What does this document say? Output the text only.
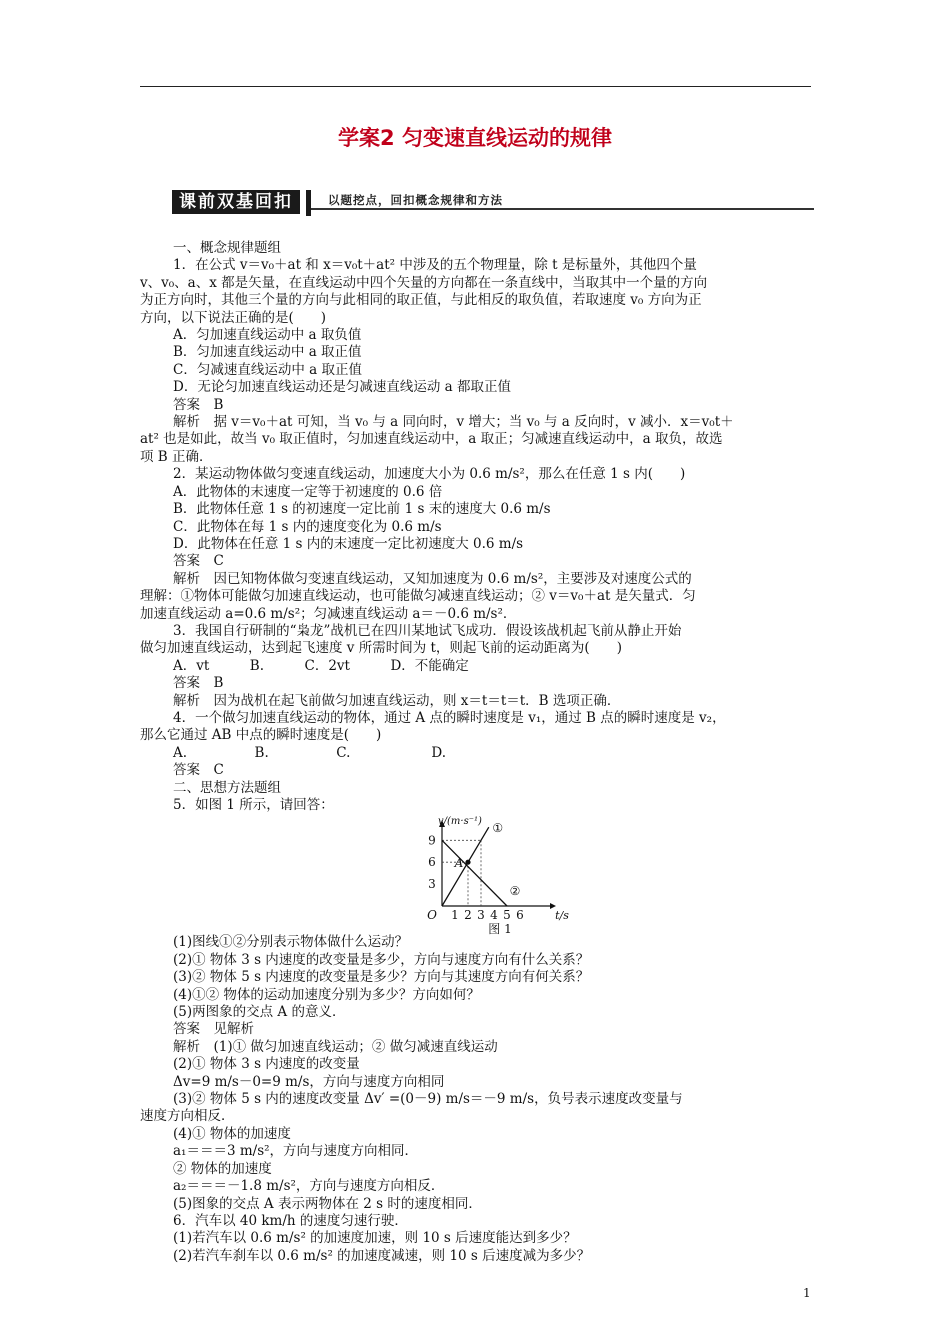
学案2 匀变速直线运动的规律
课前双基回扣	以题挖点，回扣概念规律和方法

一、概念规律题组

1．在公式 v＝v₀＋at 和 x＝v₀t＋at² 中涉及的五个物理量，除 t 是标量外，其他四个量

v、v₀、a、x 都是矢量，在直线运动中四个矢量的方向都在一条直线中，当取其中一个量的方向

为正方向时，其他三个量的方向与此相同的取正值，与此相反的取负值，若取速度 v₀ 方向为正

方向，以下说法正确的是(　　)

A．匀加速直线运动中 a 取负值

B．匀加速直线运动中 a 取正值

C．匀减速直线运动中 a 取正值

D．无论匀加速直线运动还是匀减速直线运动 a 都取正值

答案　B

解析　据 v＝v₀＋at 可知，当 v₀ 与 a 同向时，v 增大；当 v₀ 与 a 反向时，v 减小．x＝v₀t＋

at² 也是如此，故当 v₀ 取正值时，匀加速直线运动中，a 取正；匀减速直线运动中，a 取负，故选

项 B 正确．

2．某运动物体做匀变速直线运动，加速度大小为 0.6 m/s²，那么在任意 1 s 内(　　)

A．此物体的末速度一定等于初速度的 0.6 倍

B．此物体任意 1 s 的初速度一定比前 1 s 末的速度大 0.6 m/s

C．此物体在每 1 s 内的速度变化为 0.6 m/s

D．此物体在任意 1 s 内的末速度一定比初速度大 0.6 m/s

答案　C

解析　因已知物体做匀变速直线运动，又知加速度为 0.6 m/s²，主要涉及对速度公式的

理解：①物体可能做匀加速直线运动，也可能做匀减速直线运动；② v＝v₀＋at 是矢量式．匀

加速直线运动 a=0.6 m/s²；匀减速直线运动 a＝－0.6 m/s²．

3．我国自行研制的“枭龙”战机已在四川某地试飞成功．假设该战机起飞前从静止开始

做匀加速直线运动，达到起飞速度 v 所需时间为 t，则起飞前的运动距离为(　　)

A．vt　　　B.　　　C．2vt　　　D．不能确定

答案　B

解析　因为战机在起飞前做匀加速直线运动，则 x＝t＝t＝t．B 选项正确．

4．一个做匀加速直线运动的物体，通过 A 点的瞬时速度是 v₁，通过 B 点的瞬时速度是 v₂，

那么它通过 AB 中点的瞬时速度是(　　)

A.　　　　　B.　　　　　C.　　　　　　D.

答案　C

二、思想方法题组

5．如图 1 所示，请回答：

A
①
②
9
6
3
1 2 3 4 5 6
O	t/s
v/(m·s⁻¹)
图 1

(1)图线①②分别表示物体做什么运动？

(2)① 物体 3 s 内速度的改变量是多少，方向与速度方向有什么关系？

(3)② 物体 5 s 内速度的改变量是多少？方向与其速度方向有何关系？

(4)①② 物体的运动加速度分别为多少？方向如何？

(5)两图象的交点 A 的意义．

答案　见解析

解析　(1)① 做匀加速直线运动；② 做匀减速直线运动

(2)① 物体 3 s 内速度的改变量

Δv=9 m/s－0=9 m/s，方向与速度方向相同

(3)② 物体 5 s 内的速度改变量 Δv′ =(0－9) m/s＝－9 m/s，负号表示速度改变量与

速度方向相反．

(4)① 物体的加速度

a₁＝＝＝3 m/s²，方向与速度方向相同．

② 物体的加速度

a₂＝＝＝－1.8 m/s²，方向与速度方向相反．

(5)图象的交点 A 表示两物体在 2 s 时的速度相同．

6．汽车以 40 km/h 的速度匀速行驶．

(1)若汽车以 0.6 m/s² 的加速度加速，则 10 s 后速度能达到多少？

(2)若汽车刹车以 0.6 m/s² 的加速度减速，则 10 s 后速度减为多少？

1
